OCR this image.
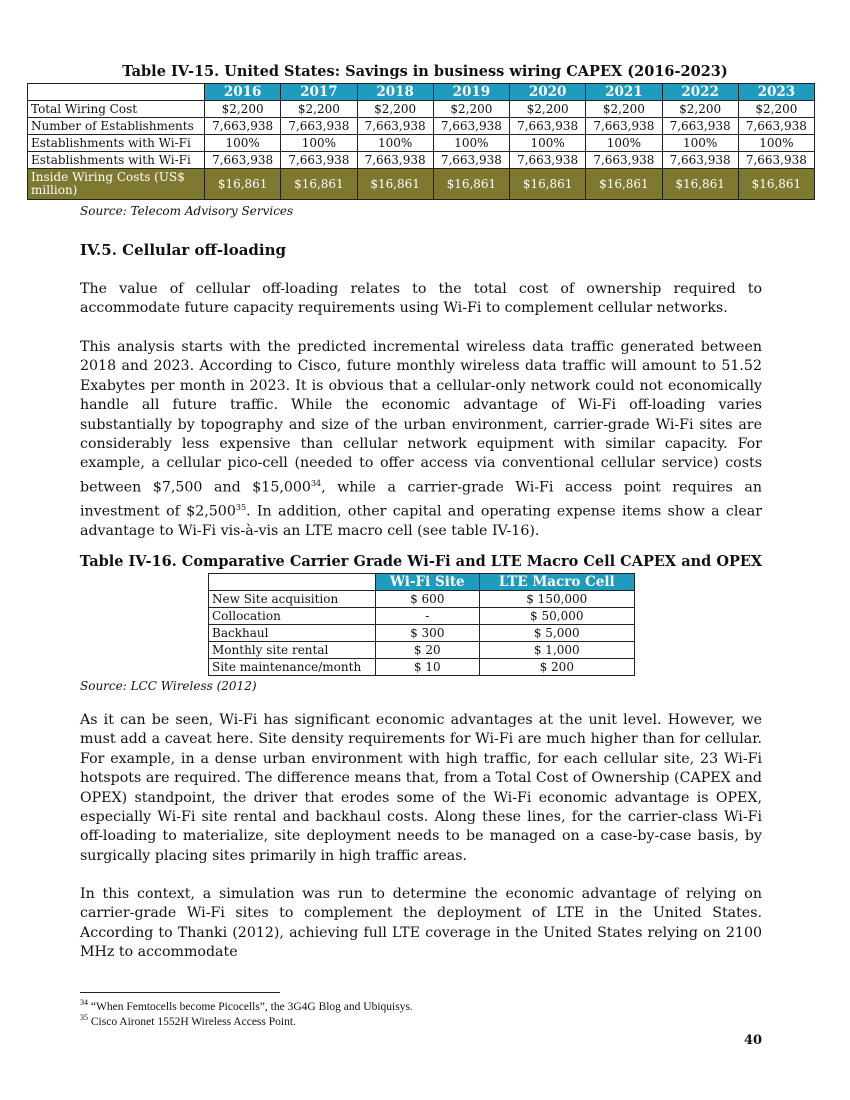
Table IV-15. United States: Savings in business wiring CAPEX (2016-2023)
	2016	2017	2018	2019	2020	2021	2022	2023
Total Wiring Cost	$2,200	$2,200	$2,200	$2,200	$2,200	$2,200	$2,200	$2,200
Number of Establishments	7,663,938	7,663,938	7,663,938	7,663,938	7,663,938	7,663,938	7,663,938	7,663,938
Establishments with Wi-Fi	100%	100%	100%	100%	100%	100%	100%	100%
Establishments with Wi-Fi	7,663,938	7,663,938	7,663,938	7,663,938	7,663,938	7,663,938	7,663,938	7,663,938
Inside Wiring Costs (US$ million)	$16,861	$16,861	$16,861	$16,861	$16,861	$16,861	$16,861	$16,861
Source: Telecom Advisory Services
IV.5. Cellular off-loading
The value of cellular off-loading relates to the total cost of ownership required to accommodate future capacity requirements using Wi-Fi to complement cellular networks.
This analysis starts with the predicted incremental wireless data traffic generated between 2018 and 2023. According to Cisco, future monthly wireless data traffic will amount to 51.52 Exabytes per month in 2023. It is obvious that a cellular-only network could not economically handle all future traffic. While the economic advantage of Wi-Fi off-loading varies substantially by topography and size of the urban environment, carrier-grade Wi-Fi sites are considerably less expensive than cellular network equipment with similar capacity. For example, a cellular pico-cell (needed to offer access via conventional cellular service) costs between $7,500 and $15,000$^{34}$, while a carrier-grade Wi-Fi access point requires an investment of $2,500$^{35}$. In addition, other capital and operating expense items show a clear advantage to Wi-Fi vis-à-vis an LTE macro cell (see table IV-16).
Table IV-16. Comparative Carrier Grade Wi-Fi and LTE Macro Cell CAPEX and OPEX
	Wi-Fi Site	LTE Macro Cell
New Site acquisition	$ 600	$ 150,000
Collocation	-	$ 50,000
Backhaul	$ 300	$ 5,000
Monthly site rental	$ 20	$ 1,000
Site maintenance/month	$ 10	$ 200
Source: LCC Wireless (2012)
As it can be seen, Wi-Fi has significant economic advantages at the unit level. However, we must add a caveat here. Site density requirements for Wi-Fi are much higher than for cellular. For example, in a dense urban environment with high traffic, for each cellular site, 23 Wi-Fi hotspots are required. The difference means that, from a Total Cost of Ownership (CAPEX and OPEX) standpoint, the driver that erodes some of the Wi-Fi economic advantage is OPEX, especially Wi-Fi site rental and backhaul costs. Along these lines, for the carrier-class Wi-Fi off-loading to materialize, site deployment needs to be managed on a case-by-case basis, by surgically placing sites primarily in high traffic areas.
In this context, a simulation was run to determine the economic advantage of relying on carrier-grade Wi-Fi sites to complement the deployment of LTE in the United States. According to Thanki (2012), achieving full LTE coverage in the United States relying on 2100 MHz to accommodate
$^{34}$ “When Femtocells become Picocells”, the 3G4G Blog and Ubiquisys.
$^{35}$ Cisco Aironet 1552H Wireless Access Point.
40
